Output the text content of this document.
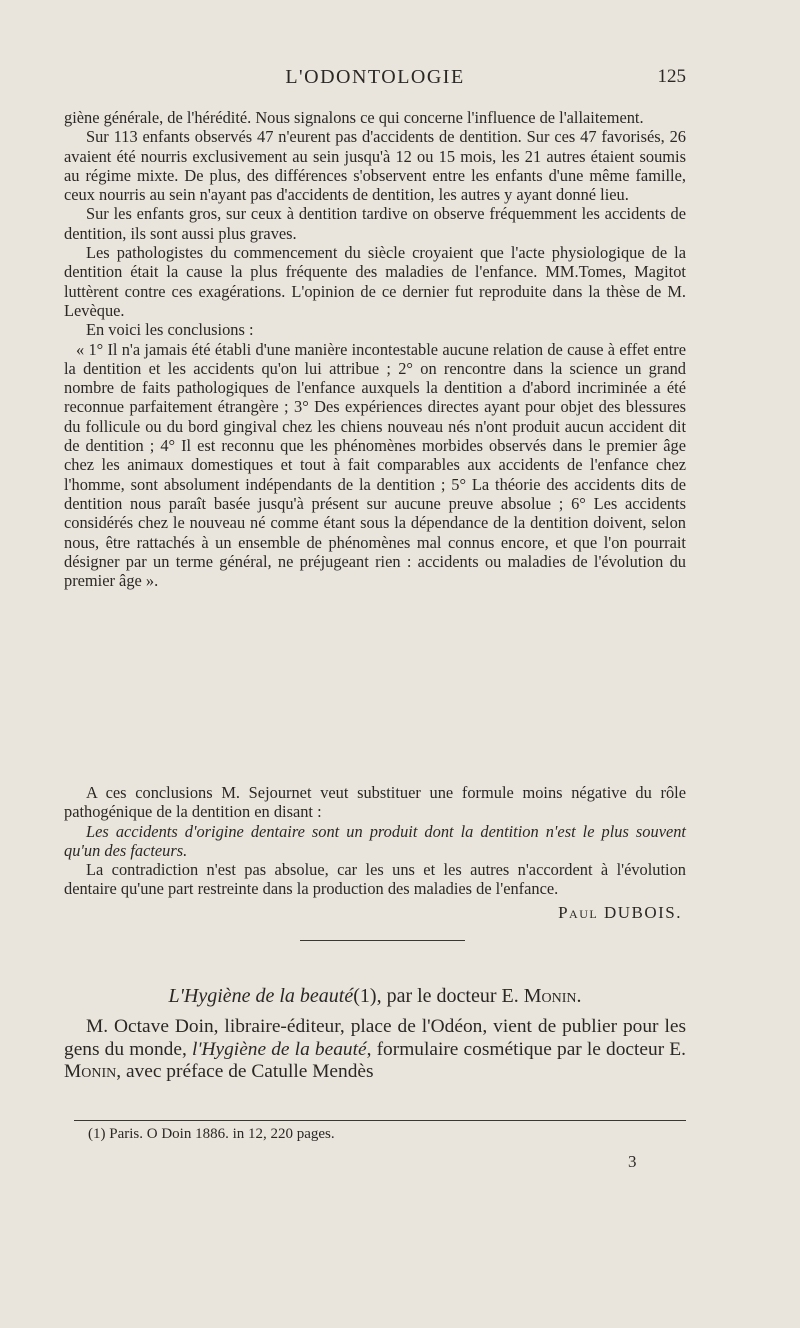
L'ODONTOLOGIE	125

giène générale, de l'hérédité. Nous signalons ce qui concerne l'influence de l'allaitement.

Sur 113 enfants observés 47 n'eurent pas d'accidents de dentition. Sur ces 47 favorisés, 26 avaient été nourris exclusivement au sein jusqu'à 12 ou 15 mois, les 21 autres étaient soumis au régime mixte. De plus, des différences s'observent entre les enfants d'une même famille, ceux nourris au sein n'ayant pas d'accidents de dentition, les autres y ayant donné lieu.

Sur les enfants gros, sur ceux à dentition tardive on observe fréquemment les accidents de dentition, ils sont aussi plus graves.

Les pathologistes du commencement du siècle croyaient que l'acte physiologique de la dentition était la cause la plus fréquente des maladies de l'enfance. MM.Tomes, Magitot luttèrent contre ces exagérations. L'opinion de ce dernier fut reproduite dans la thèse de M. Levèque.

En voici les conclusions :

« 1° Il n'a jamais été établi d'une manière incontestable aucune relation de cause à effet entre la dentition et les accidents qu'on lui attribue ; 2° on rencontre dans la science un grand nombre de faits pathologiques de l'enfance auxquels la dentition a d'abord incriminée a été reconnue parfaitement étrangère ; 3° Des expériences directes ayant pour objet des blessures du follicule ou du bord gingival chez les chiens nouveau nés n'ont produit aucun accident dit de dentition ; 4° Il est reconnu que les phénomènes morbides observés dans le premier âge chez les animaux domestiques et tout à fait comparables aux accidents de l'enfance chez l'homme, sont absolument indépendants de la dentition ; 5° La théorie des accidents dits de dentition nous paraît basée jusqu'à présent sur aucune preuve absolue ; 6° Les accidents considérés chez le nouveau né comme étant sous la dépendance de la dentition doivent, selon nous, être rattachés à un ensemble de phénomènes mal connus encore, et que l'on pourrait désigner par un terme général, ne préjugeant rien : accidents ou maladies de l'évolution du premier âge ».

A ces conclusions M. Sejournet veut substituer une formule moins négative du rôle pathogénique de la dentition en disant :

Les accidents d'origine dentaire sont un produit dont la dentition n'est le plus souvent qu'un des facteurs.

La contradiction n'est pas absolue, car les uns et les autres n'accordent à l'évolution dentaire qu'une part restreinte dans la production des maladies de l'enfance.

Paul DUBOIS.
L'Hygiène de la beauté(1), par le docteur E. Monin.

M. Octave Doin, libraire-éditeur, place de l'Odéon, vient de publier pour les gens du monde, l'Hygiène de la beauté, formulaire cosmétique par le docteur E. Monin, avec préface de Catulle Mendès

(1) Paris. O Doin 1886. in 12, 220 pages.
3
